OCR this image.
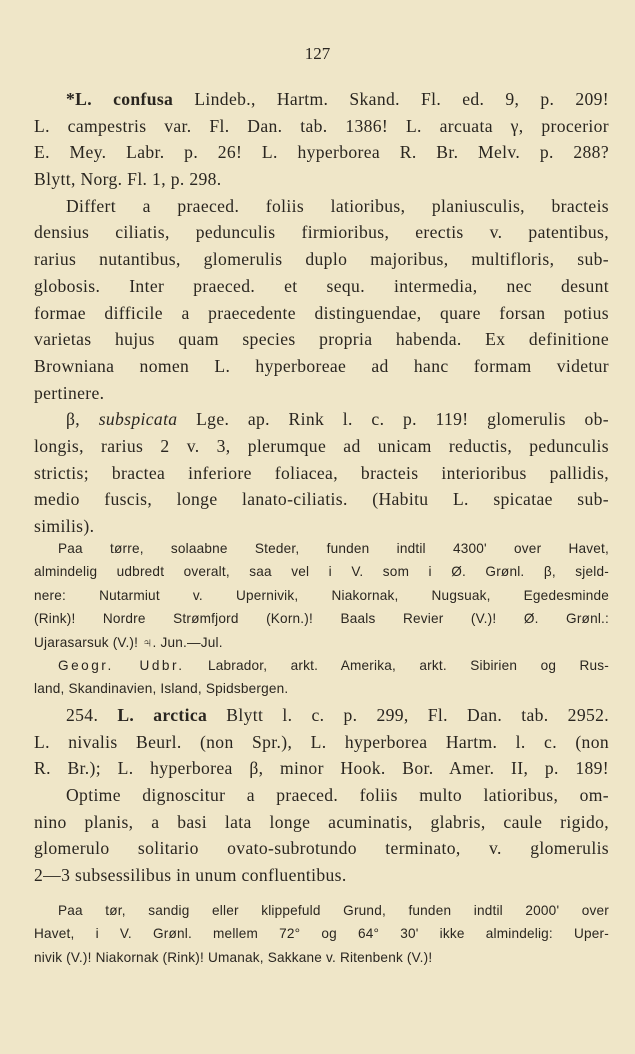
127
*L. confusa Lindeb., Hartm. Skand. Fl. ed. 9, p. 209!
L. campestris var. Fl. Dan. tab. 1386! L. arcuata γ, procerior
E. Mey. Labr. p. 26! L. hyperborea R. Br. Melv. p. 288?
Blytt, Norg. Fl. 1, p. 298.
Differt a praeced. foliis latioribus, planiusculis, bracteis
densius ciliatis, pedunculis firmioribus, erectis v. patentibus,
rarius nutantibus, glomerulis duplo majoribus, multifloris, sub-
globosis. Inter praeced. et sequ. intermedia, nec desunt
formae difficile a praecedente distinguendae, quare forsan potius
varietas hujus quam species propria habenda. Ex definitione
Browniana nomen L. hyperboreae ad hanc formam videtur
pertinere.
β, subspicata Lge. ap. Rink l. c. p. 119! glomerulis ob-
longis, rarius 2 v. 3, plerumque ad unicam reductis, pedunculis
strictis; bractea inferiore foliacea, bracteis interioribus pallidis,
medio fuscis, longe lanato-ciliatis. (Habitu L. spicatae sub-
similis).
Paa tørre, solaabne Steder, funden indtil 4300' over Havet,
almindelig udbredt overalt, saa vel i V. som i Ø. Grønl. β, sjeld-
nere: Nutarmiut v. Upernivik, Niakornak, Nugsuak, Egedesminde
(Rink)! Nordre Strømfjord (Korn.)! Baals Revier (V.)! Ø. Grønl.:
Ujarasarsuk (V.)! ♃. Jun.—Jul.
Geogr. Udbr. Labrador, arkt. Amerika, arkt. Sibirien og Rus-
land, Skandinavien, Island, Spidsbergen.
254. L. arctica Blytt l. c. p. 299, Fl. Dan. tab. 2952.
L. nivalis Beurl. (non Spr.), L. hyperborea Hartm. l. c. (non
R. Br.); L. hyperborea β, minor Hook. Bor. Amer. II, p. 189!
Optime dignoscitur a praeced. foliis multo latioribus, om-
nino planis, a basi lata longe acuminatis, glabris, caule rigido,
glomerulo solitario ovato-subrotundo terminato, v. glomerulis
2—3 subsessilibus in unum confluentibus.
Paa tør, sandig eller klippefuld Grund, funden indtil 2000' over
Havet, i V. Grønl. mellem 72° og 64° 30' ikke almindelig: Uper-
nivik (V.)! Niakornak (Rink)! Umanak, Sakkane v. Ritenbenk (V.)!
